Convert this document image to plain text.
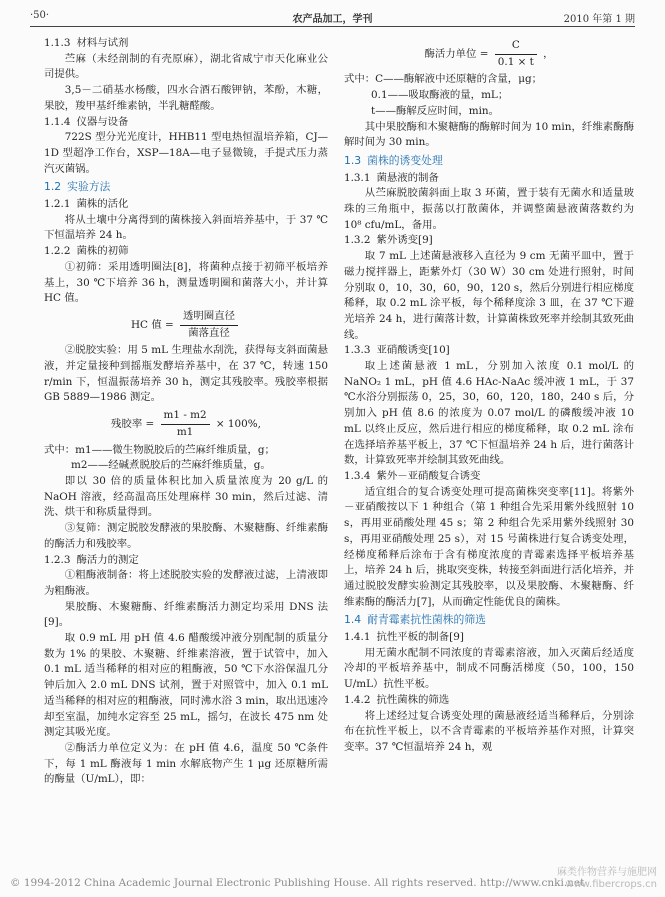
·50·	农产品加工，学刊	2010 年第 1 期
1.1.3 材料与试剂

苎麻（未经剖制的有壳原麻），湖北省咸宁市天化麻业公司提供。

3,5－二硝基水杨酸，四水合酒石酸钾钠，苯酚，木糖，果胶，羧甲基纤维素钠，半乳糖醛酸。

1.1.4 仪器与设备

722S 型分光光度计，HHB11 型电热恒温培养箱，CJ—1D 型超净工作台，XSP—18A—电子显微镜，手提式压力蒸汽灭菌锅。

1.2 实验方法
1.2.1 菌株的活化

将从土壤中分离得到的菌株接入斜面培养基中，于 37 ℃下恒温培养 24 h。

1.2.2 菌株的初筛

①初筛：采用透明圈法[8]，将菌种点接于初筛平板培养基上，30 ℃下培养 36 h，测量透明圈和菌落大小，并计算 HC 值。

HC 值 = $\frac{\text{透明圈直径}}{\text{菌落直径}}$

②脱胶实验：用 5 mL 生理盐水刮洗，获得每支斜面菌悬液，并定量接种到摇瓶发酵培养基中，在 37 ℃，转速 150 r/min 下，恒温振荡培养 30 h，测定其残胶率。残胶率根据 GB 5889—1986 测定。

残胶率 = $\frac{m1 - m2}{m1} \times 100\%$,
式中：m1——微生物脱胶后的苎麻纤维质量，g；
m2——经碱煮脱胶后的苎麻纤维质量，g。

即以 30 倍的质量体积比加入质量浓度为 20 g/L 的 NaOH 溶液，经高温高压处理麻样 30 min，然后过滤、清洗、烘干和称质量得到。

③复筛：测定脱胶发酵液的果胶酶、木聚糖酶、纤维素酶的酶活力和残胶率。

1.2.3 酶活力的测定

①粗酶液制备：将上述脱胶实验的发酵液过滤，上清液即为粗酶液。

果胶酶、木聚糖酶、纤维素酶活力测定均采用 DNS 法[9]。

取 0.9 mL 用 pH 值 4.6 醋酸缓冲液分别配制的质量分数为 1% 的果胶、木聚糖、纤维素溶液，置于试管中，加入 0.1 mL 适当稀释的相对应的粗酶液，50 ℃下水浴保温几分钟后加入 2.0 mL DNS 试剂，置于对照管中，加入 0.1 mL 适当稀释的相对应的粗酶液，同时沸水浴 3 min，取出迅速冷却至室温，加纯水定容至 25 mL，摇匀，在波长 475 nm 处测定其吸光度。

②酶活力单位定义为：在 pH 值 4.6，温度 50 ℃条件下，每 1 mL 酶液每 1 min 水解底物产生 1 μg 还原糖所需的酶量（U/mL），即：

酶活力单位 = $\frac{C}{0.1 \times t}$ ，
式中：C——酶解液中还原糖的含量，μg；
0.1——吸取酶液的量，mL；
t——酶解反应时间，min。

其中果胶酶和木聚糖酶的酶解时间为 10 min，纤维素酶酶解时间为 30 min。

1.3 菌株的诱变处理
1.3.1 菌悬液的制备

从苎麻脱胶菌斜面上取 3 环菌，置于装有无菌水和适量玻珠的三角瓶中，振荡以打散菌体，并调整菌悬液菌落数约为 10⁸ cfu/mL，备用。

1.3.2 紫外诱变[9]

取 7 mL 上述菌悬液移入直径为 9 cm 无菌平皿中，置于磁力搅拌器上，距紫外灯（30 W）30 cm 处进行照射，时间分别取 0，10，30，60，90，120 s，然后分别进行相应梯度稀释，取 0.2 mL 涂平板，每个稀释度涂 3 皿，在 37 ℃下避光培养 24 h，进行菌落计数，计算菌株致死率并绘制其致死曲线。

1.3.3 亚硝酸诱变[10]

取上述菌悬液 1 mL，分别加入浓度 0.1 mol/L 的 NaNO₂ 1 mL，pH 值 4.6 HAc-NaAc 缓冲液 1 mL，于 37 ℃水浴分别振荡 0，25，30，60，120，180，240 s 后，分别加入 pH 值 8.6 的浓度为 0.07 mol/L 的磷酸缓冲液 10 mL 以终止反应，然后进行相应的梯度稀释，取 0.2 mL 涂布在选择培养基平板上，37 ℃下恒温培养 24 h 后，进行菌落计数，计算致死率并绘制其致死曲线。

1.3.4 紫外－亚硝酸复合诱变

适宜组合的复合诱变处理可提高菌株突变率[11]。将紫外－亚硝酸按以下 1 种组合（第 1 种组合先采用紫外线照射 10 s，再用亚硝酸处理 45 s；第 2 种组合先采用紫外线照射 30 s，再用亚硝酸处理 25 s），对 15 号菌株进行复合诱变处理，经梯度稀释后涂布于含有梯度浓度的青霉素选择平板培养基上，培养 24 h 后，挑取突变株，转接至斜面进行活化培养，并通过脱胶发酵实验测定其残胶率，以及果胶酶、木聚糖酶、纤维素酶的酶活力[7]，从而确定性能优良的菌株。

1.4 耐青霉素抗性菌株的筛选
1.4.1 抗性平板的制备[9]

用无菌水配制不同浓度的青霉素溶液，加入灭菌后经适度冷却的平板培养基中，制成不同酶活梯度（50，100，150 U/mL）抗性平板。

1.4.2 抗性菌株的筛选

将上述经过复合诱变处理的菌悬液经适当稀释后，分别涂布在抗性平板上，以不含青霉素的平板培养基作对照，计算突变率。37 ℃恒温培养 24 h，观

© 1994-2012 China Academic Journal Electronic Publishing House. All rights reserved. http://www.cnki.net
麻类作物营养与施肥网
www.fibercrops.cn
